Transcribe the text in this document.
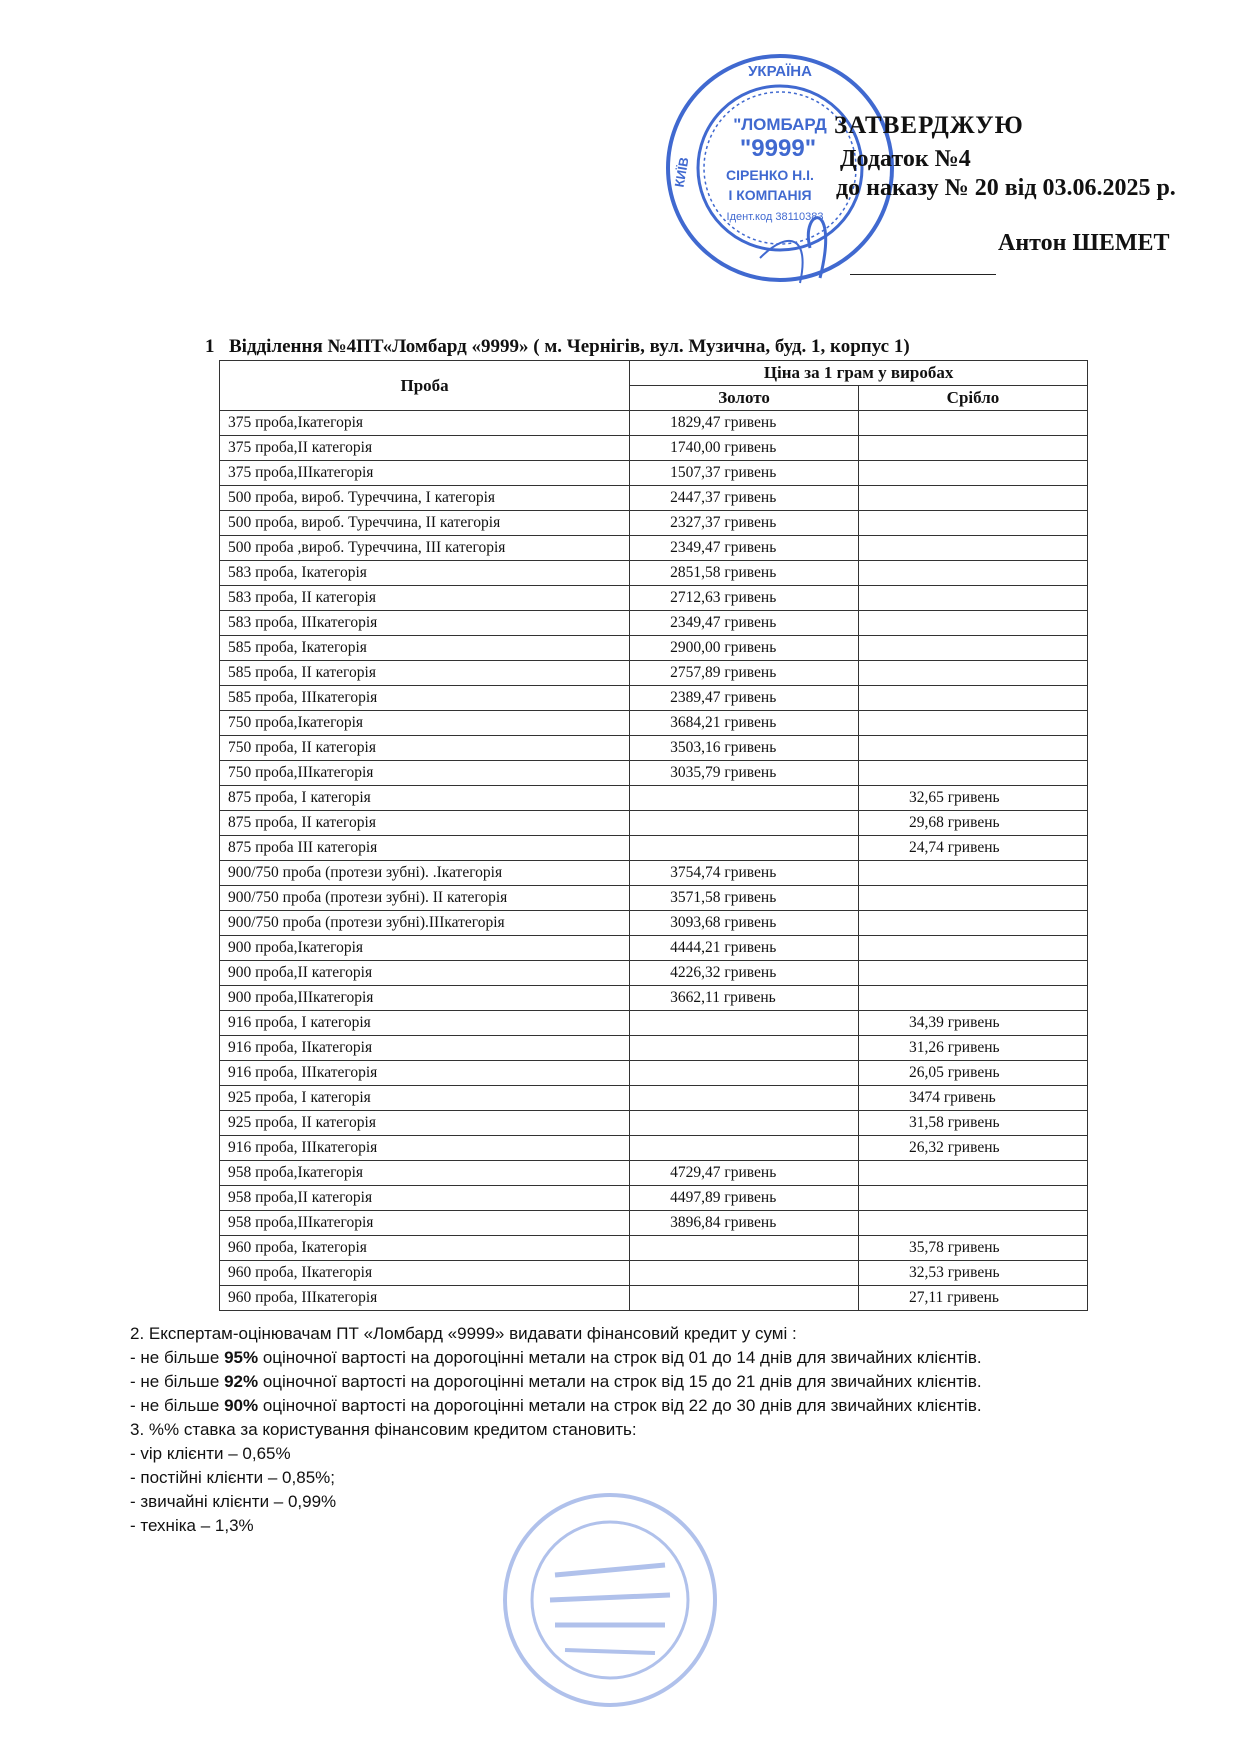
УКРАЇНА
КИЇВ
"ЛОМБАРД
"9999"
СІРЕНКО Н.І.
І КОМПАНІЯ
Ідент.код 38110383
ЗАТВЕРДЖУЮ
Додаток №4
до наказу № 20 від 03.06.2025 р.
Антон ШЕМЕТ
1 Відділення №4ПТ«Ломбард «9999» ( м. Чернігів, вул. Музична, буд. 1, корпус 1)
Проба	Ціна за 1 грам у виробах	
	Золото	Срібло
375 проба,Ікатегорія	1829,47 гривень	
375 проба,ІІ категорія	1740,00 гривень	
375 проба,ІІІкатегорія	1507,37 гривень	
500 проба, вироб. Туреччина, І категорія	2447,37 гривень	
500 проба, вироб. Туреччина, ІІ категорія	2327,37 гривень	
500 проба ,вироб. Туреччина, ІІІ категорія	2349,47 гривень	
583 проба, Ікатегорія	2851,58 гривень	
583 проба, ІІ категорія	2712,63 гривень	
583 проба, ІІІкатегорія	2349,47 гривень	
585 проба, Ікатегорія	2900,00 гривень	
585 проба, ІІ категорія	2757,89 гривень	
585 проба, ІІІкатегорія	2389,47 гривень	
750 проба,Ікатегорія	3684,21 гривень	
750 проба, ІІ категорія	3503,16 гривень	
750 проба,ІІІкатегорія	3035,79 гривень	
875 проба, І категорія		32,65 гривень
875 проба, ІІ категорія		29,68 гривень
875 проба ІІІ категорія		24,74 гривень
900/750 проба (протези зубні). .Ікатегорія	3754,74 гривень	
900/750 проба (протези зубні). ІІ категорія	3571,58 гривень	
900/750 проба (протези зубні).ІІІкатегорія	3093,68 гривень	
900 проба,Ікатегорія	4444,21 гривень	
900 проба,ІІ категорія	4226,32 гривень	
900 проба,ІІІкатегорія	3662,11 гривень	
916 проба, І категорія		34,39 гривень
916 проба, ІІкатегорія		31,26 гривень
916 проба, ІІІкатегорія		26,05 гривень
925 проба, І категорія		3474 гривень
925 проба, ІІ категорія		31,58 гривень
916 проба, ІІІкатегорія		26,32 гривень
958 проба,Ікатегорія	4729,47 гривень	
958 проба,ІІ категорія	4497,89 гривень	
958 проба,ІІІкатегорія	3896,84 гривень	
960 проба, Ікатегорія		35,78 гривень
960 проба, ІІкатегорія		32,53 гривень
960 проба, ІІІкатегорія		27,11 гривень

2. Експертам-оцінювачам ПТ «Ломбард «9999» видавати фінансовий кредит у сумі :

- не більше 95% оціночної вартості на дорогоцінні метали на строк від 01 до 14 днів для звичайних клієнтів.

- не більше 92% оціночної вартості на дорогоцінні метали на строк від 15 до 21 днів для звичайних клієнтів.

- не більше 90% оціночної вартості на дорогоцінні метали на строк від 22 до 30 днів для звичайних клієнтів.

3. %% ставка за користування фінансовим кредитом становить:

- vip клієнти – 0,65%

- постійні клієнти – 0,85%;

- звичайні клієнти – 0,99%

- техніка – 1,3%
